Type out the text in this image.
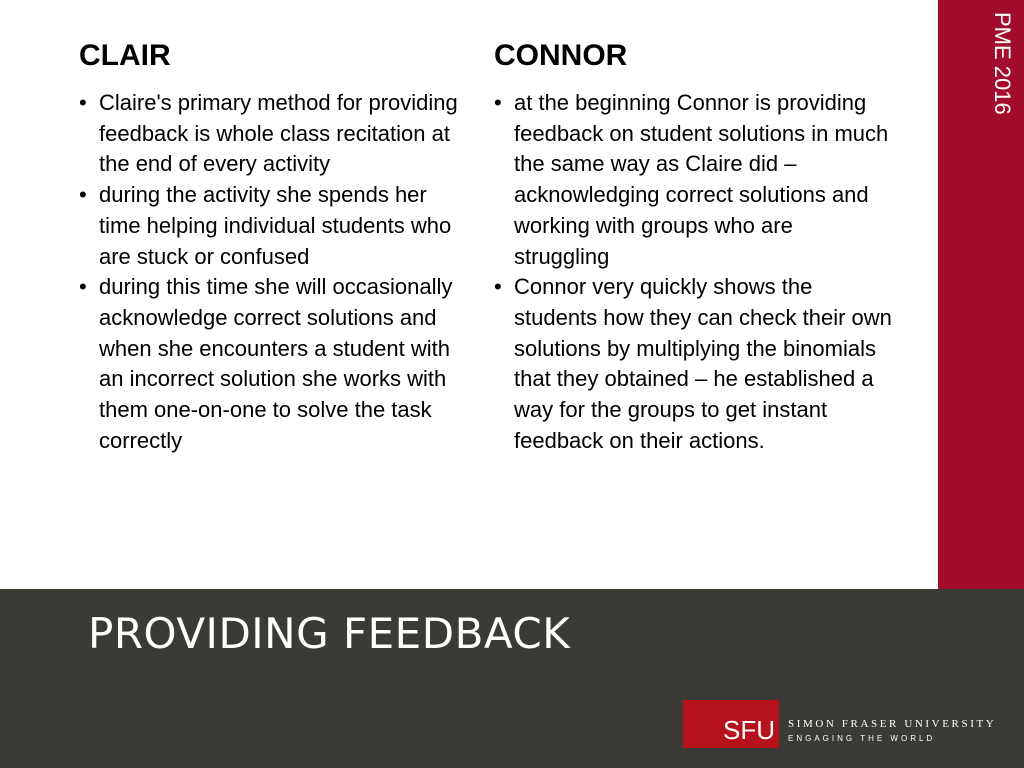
CLAIR
• Claire's primary method for providing feedback is whole class recitation at the end of every activity
• during the activity she spends her time helping individual students who are stuck or confused
• during this time she will occasionally acknowledge correct solutions and when she encounters a student with an incorrect solution she works with them one-on-one to solve the task correctly
CONNOR
• at the beginning Connor is providing feedback on student solutions in much the same way as Claire did – acknowledging correct solutions and working with groups who are struggling
• Connor very quickly shows the students how they can check their own solutions by multiplying the binomials that they obtained – he established a way for the groups to get instant feedback on their actions.
PME 2016
PROVIDING FEEDBACK
SFU SIMON FRASER UNIVERSITY
ENGAGING THE WORLD
